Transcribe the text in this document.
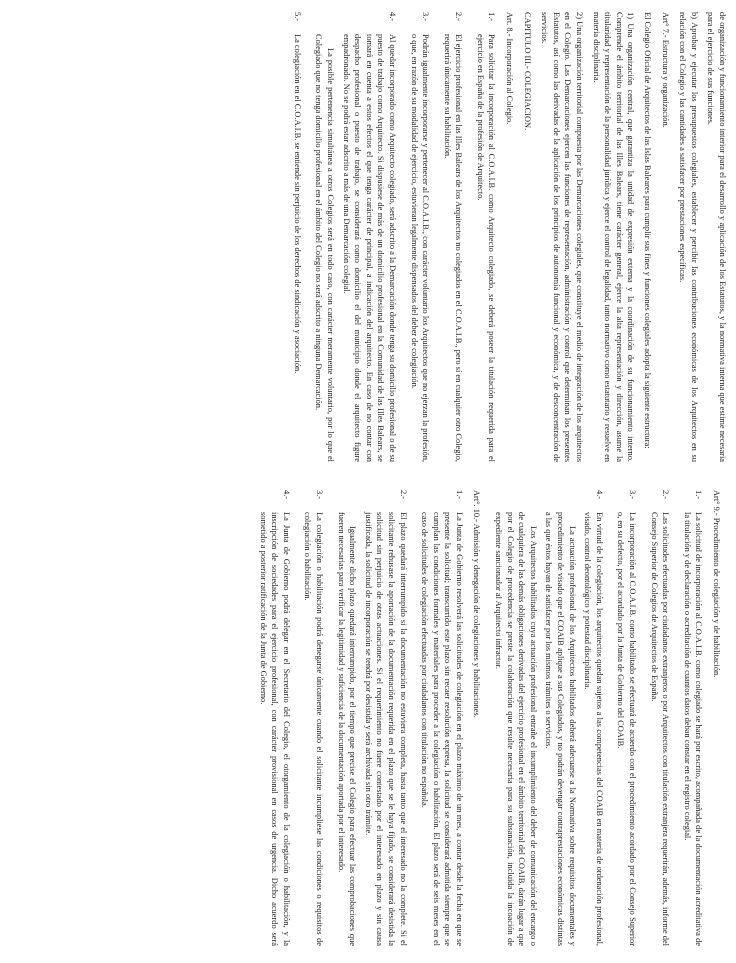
de organización y funcionamiento interior para el desarrollo y aplicación de los Estatutos, y la normativa interna que estime necesaria para el ejercicio de sus funciones.

b) Aprobar y ejecutar los presupuestos colegiales, establecer y percibir las contribuciones económicas de los Arquitectos en su relación con el Colegio y las cantidades a satisfacer por prestaciones específicas.

Art° 7.- Estructura y organización.

El Colegio Oficial de Arquitectos de las Islas Baleares para cumplir sus fines y funciones colegiales adopta la siguiente estructura:

1) Una organización central, que garantiza la unidad de expresión externa y la coordinación de su funcionamiento interno. Comprende el ámbito territorial de las Illes Balears, tiene carácter general, ejerce la alta representación y dirección, asume la titularidad y representación de la personalidad jurídica y ejerce el control de legalidad, tanto normativo como estatutario y resuelve en materia disciplinaria.

2) Una organización territorial compuesta por las Demarcaciones colegiales, que constituye el medio de integración de los arquitectos en el Colegio. Las Demarcaciones ejercen las funciones de representación, administración y control que determinan los presentes Estatutos, así como las derivadas de la aplicación de los principios de autonomía funcional y económica, y de desconcentración de servicios.

CAPITULO III.- COLEGIACION.

Art. 8.- Incorporación al Colegio.

1.-

Para solicitar la incorporación al C.O.A.I.B. como Arquitecto colegiado, se deberá poseer la titulación requerida para el ejercicio en España de la profesión de Arquitecto.

2.-

El ejercicio profesional en las Illes Balears de los Arquitectos no colegiados en el C.O.A.I.B., pero sí en cualquier otro Colegio, requerirá únicamente su habilitación.

3.-

Podrán igualmente incorporarse y pertenecer al C.O.A.I.B., con carácter voluntario los Arquitectos que no ejerzan la profesión, o que, en razón de su modalidad de ejercicio, estuvieran legalmente dispensados del deber de colegiación.

4.-

Al quedar incorporado como Arquitecto colegiado, será adscrito a la Demarcación donde tenga su domicilio profesional o de su puesto de trabajo como Arquitecto. Si dispusiese de más de un domicilio profesional en la Comunidad de las Illes Balears, se tomará en cuenta a estos efectos el que tenga carácter de principal, a indicación del arquitecto. En caso de no contar con despacho profesional o puesto de trabajo, se considerará como domicilio el del municipio donde el arquitecto figure empadronado. No se podrá estar adscrito a más de una Demarcación colegial.

La posible pertenencia simultánea a otros Colegios será en todo caso, con carácter meramente voluntario, por lo que el Colegiado que no tenga domicilio profesional en el ámbito del Colegio no será adscrito a ninguna Demarcación.

5.-

La colegiación en el C.O.A.I.B. se entiende sin perjuicio de los derechos de sindicación y asociación.

Art° 9.- Procedimiento de colegiación y de habilitación.

1.-

La solicitud de incorporación al C.O.A.I.B. como colegiado se hará por escrito, acompañada de la documentación acreditativa de la titulación y de declaración o acreditación de cuantos datos deban constar en el registro colegial.

2.-

Las solicitudes efectuadas por ciudadanos extranjeros o por Arquitectos con titulación extranjera requerirán, además, informe del Consejo Superior de Colegios de Arquitectos de España.

3.-

La incorporación al C.O.A.I.B. como habilitado se efectuará de acuerdo con el procedimiento acordado por el Consejo Superior o, en su defecto, por el acordado por la Junta de Gobierno del COAIB.

4.-

En virtud de la colegiación, los arquitectos quedan sujetos a las competencias del COAIB en materia de ordenación profesional, visado, control deontológico y potestad disciplinaria.

La actuación profesional de los Arquitectos habilitados deberá adecuarse a la Normativa sobre requisitos documentales y procedimiento de visado que el COAIB aplique a sus Colegiados, y no podrán devengar contraprestaciones económicas distintas a las que éstos hayan de satisfacer por los mismos trámites o servicios.

Los Arquitectos habilitados cuya actuación profesional entrañe el incumplimiento del deber de comunicación del encargo o de cualquiera de las demás obligaciones derivadas del ejercicio profesional en el ámbito territorial del COAIB, darán lugar a que por el Colegio de procedencia se preste la colaboración que resulte necesaria para su subsanación, incluida la incoación de expediente sancionador al Arquitecto infractor.

Art°. 10.- Admisión y denegación de colegiaciones y habilitaciones.

1.-

La Junta de Gobierno resolverá las solicitudes de colegiación en el plazo máximo de un mes, a contar desde la fecha en que se presente la solicitud; transcurrido este plazo sin recaer resolución expresa, la solicitud se considerará admitida siempre que se cumplan las condiciones formales y materiales para proceder a la colegiación o habilitación. El plazo será de seis meses en el caso de solicitudes de colegiación efectuadas por ciudadanos con titulación no española.

2.-

El plazo quedará interrumpido si la documentación no estuviera completa, hasta tanto que el interesado no la complete. Si el solicitante rehusase la aportación de la documentación requerida en el plazo que se le haya fijado, se considerará desistida la solicitud sin perjuicio de otras actuaciones. Si el requerimiento no fuere contestado por el interesado en plazo y sin causa justificada, la solicitud de incorporación se tendrá por desistida y será archivada sin otro trámite.

Igualmente dicho plazo quedará interrumpido, por el tiempo que precise el Colegio para efectuar las comprobaciones que fueren necesarias para verificar la legitimidad y suficiencia de la documentación aportada por el interesado.

3.-

La colegiación o habilitación podrá denegarse únicamente cuando el solicitante incumpliese las condiciones o requisitos de colegiación o habilitación.

4.-

La Junta de Gobierno podrá delegar en el Secretario del Colegio, el otorgamiento de la colegiación o habilitación, y la inscripción de sociedades para el ejercicio profesional, con carácter provisional en casos de urgencia. Dicho acuerdo será sometido a posterior ratificación de la Junta de Gobierno.
